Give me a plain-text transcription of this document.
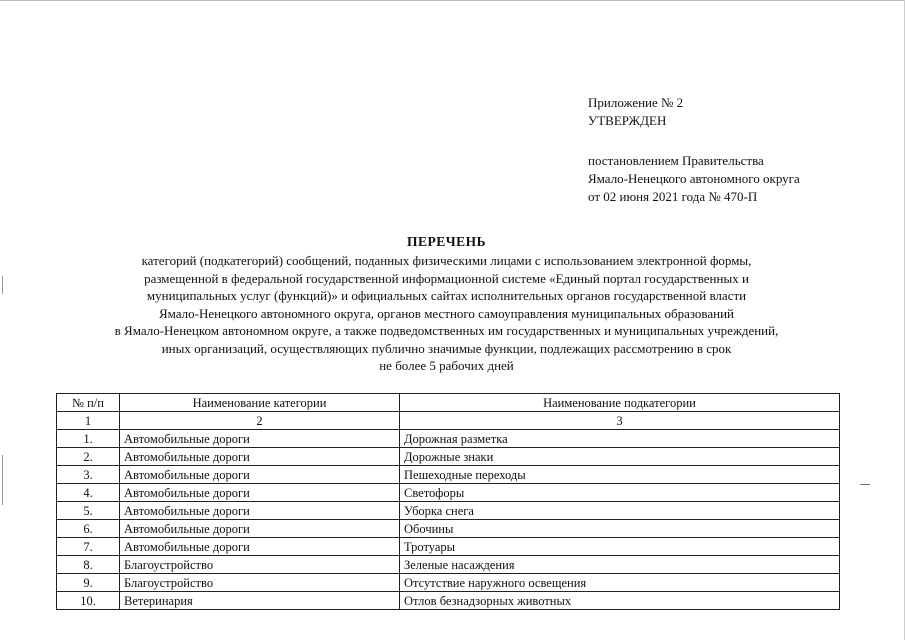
Приложение № 2
УТВЕРЖДЕН
постановлением Правительства
Ямало-Ненецкого автономного округа
от 02 июня 2021 года № 470-П
ПЕРЕЧЕНЬ
категорий (подкатегорий) сообщений, поданных физическими лицами с использованием электронной формы,
размещенной в федеральной государственной информационной системе «Единый портал государственных и
муниципальных услуг (функций)» и официальных сайтах исполнительных органов государственной власти
Ямало-Ненецкого автономного округа, органов местного самоуправления муниципальных образований
в Ямало-Ненецком автономном округе, а также подведомственных им государственных и муниципальных учреждений,
иных организаций, осуществляющих публично значимые функции, подлежащих рассмотрению в срок
не более 5 рабочих дней
№ п/п	Наименование категории	Наименование подкатегории
1	2	3
1.	Автомобильные дороги	Дорожная разметка
2.	Автомобильные дороги	Дорожные знаки
3.	Автомобильные дороги	Пешеходные переходы
4.	Автомобильные дороги	Светофоры
5.	Автомобильные дороги	Уборка снега
6.	Автомобильные дороги	Обочины
7.	Автомобильные дороги	Тротуары
8.	Благоустройство	Зеленые насаждения
9.	Благоустройство	Отсутствие наружного освещения
10.	Ветеринария	Отлов безнадзорных животных
